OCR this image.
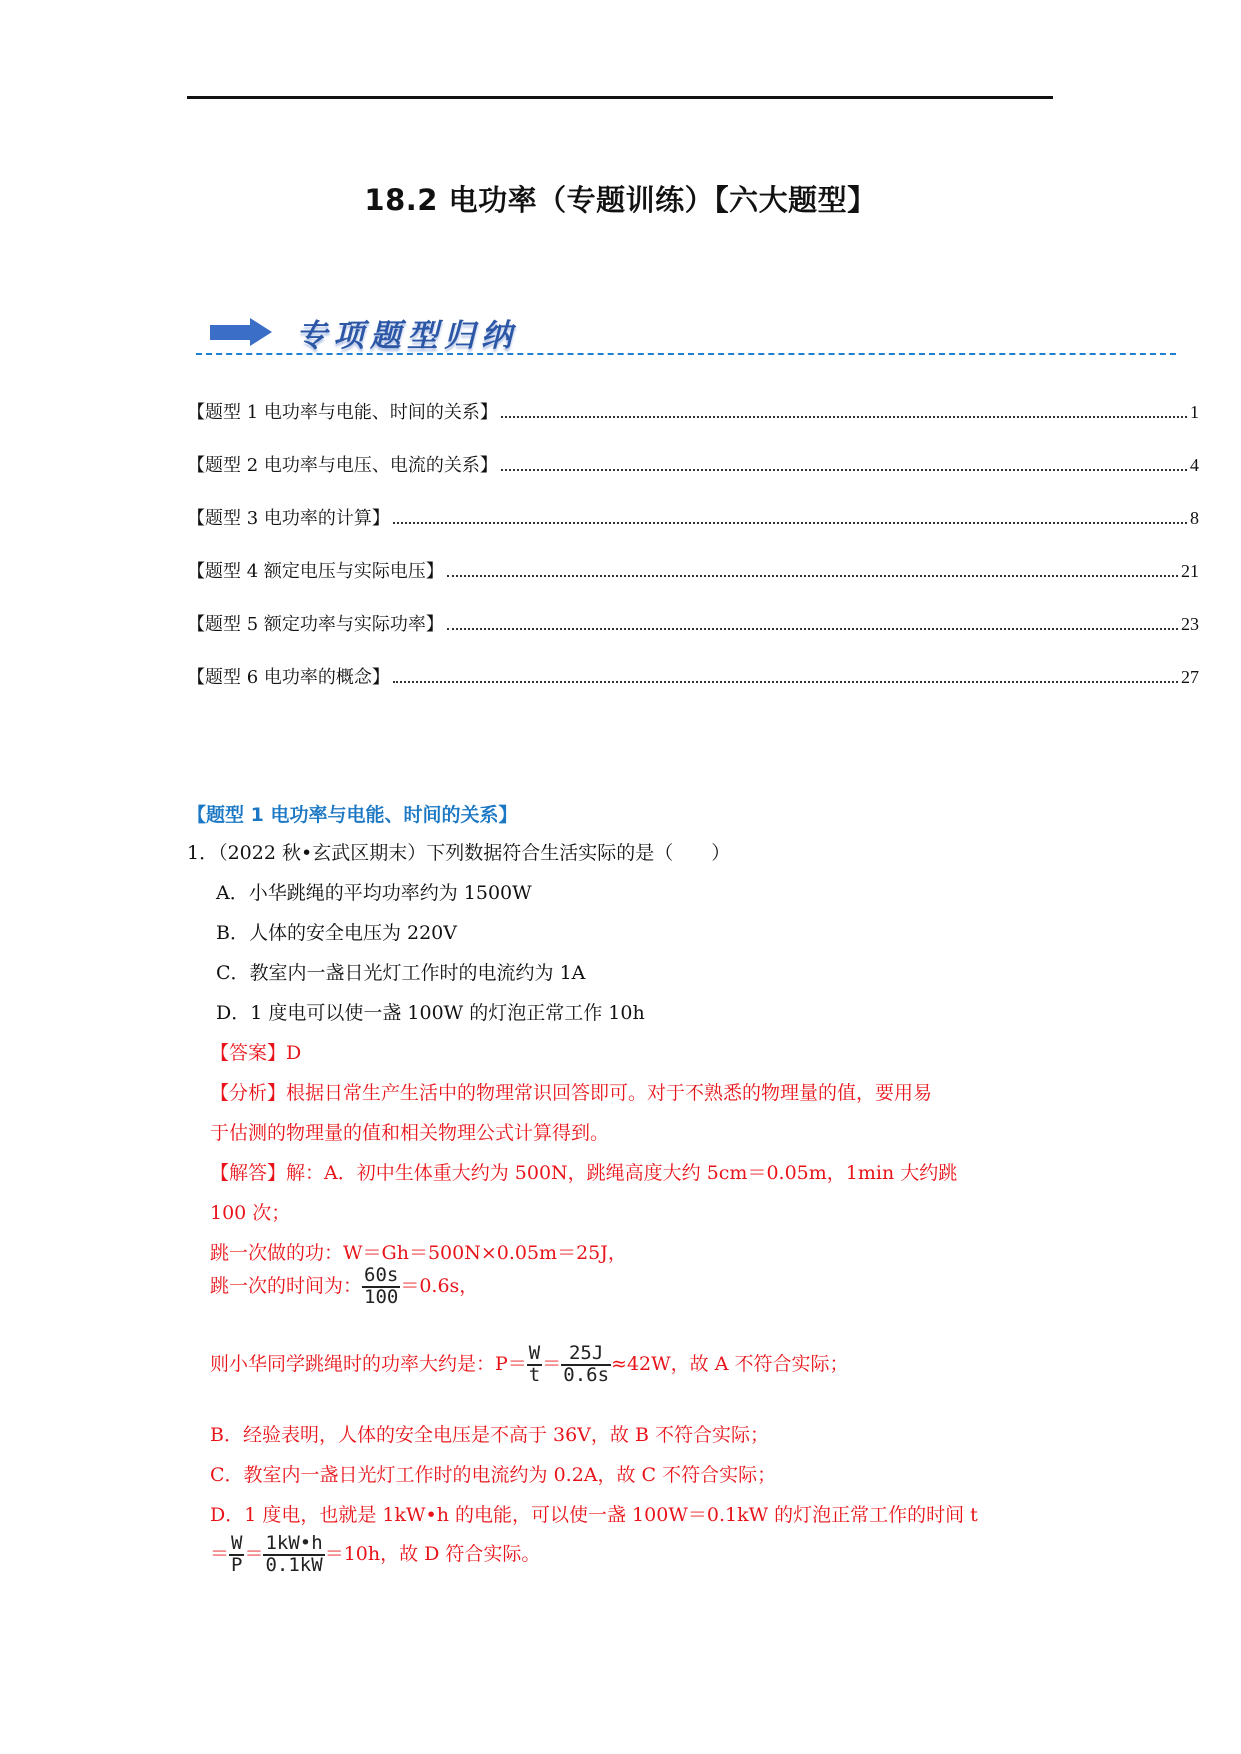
18.2 电功率（专题训练）【六大题型】
专项题型归纳
【题型 1 电功率与电能、时间的关系】	1
【题型 2 电功率与电压、电流的关系】	4
【题型 3 电功率的计算】	8
【题型 4 额定电压与实际电压】	21
【题型 5 额定功率与实际功率】	23
【题型 6 电功率的概念】	27
【题型 1 电功率与电能、时间的关系】
1．（2022 秋•玄武区期末）下列数据符合生活实际的是（　　）
A．小华跳绳的平均功率约为 1500W
B．人体的安全电压为 220V
C．教室内一盏日光灯工作时的电流约为 1A
D．1 度电可以使一盏 100W 的灯泡正常工作 10h
【答案】D
【分析】根据日常生产生活中的物理常识回答即可。对于不熟悉的物理量的值，要用易
于估测的物理量的值和相关物理公式计算得到。
【解答】解：A．初中生体重大约为 500N，跳绳高度大约 5cm＝0.05m，1min 大约跳
100 次；
跳一次做的功：W＝Gh＝500N×0.05m＝25J，
跳一次的时间为： $\frac{60s}{100} =0.6s$，
则小华同学跳绳时的功率大约是：$P= \frac{W}{t} = \frac{25J}{0.6s} \approx 42W$，故 A 不符合实际；
B．经验表明，人体的安全电压是不高于 36V，故 B 不符合实际；
C．教室内一盏日光灯工作时的电流约为 0.2A，故 C 不符合实际；
D．1 度电，也就是 1kW•h 的电能，可以使一盏 100W＝0.1kW 的灯泡正常工作的时间 t
＝ $\frac{W}{P} = \frac{1kW•h}{0.1kW} =10h$，故 D 符合实际。
